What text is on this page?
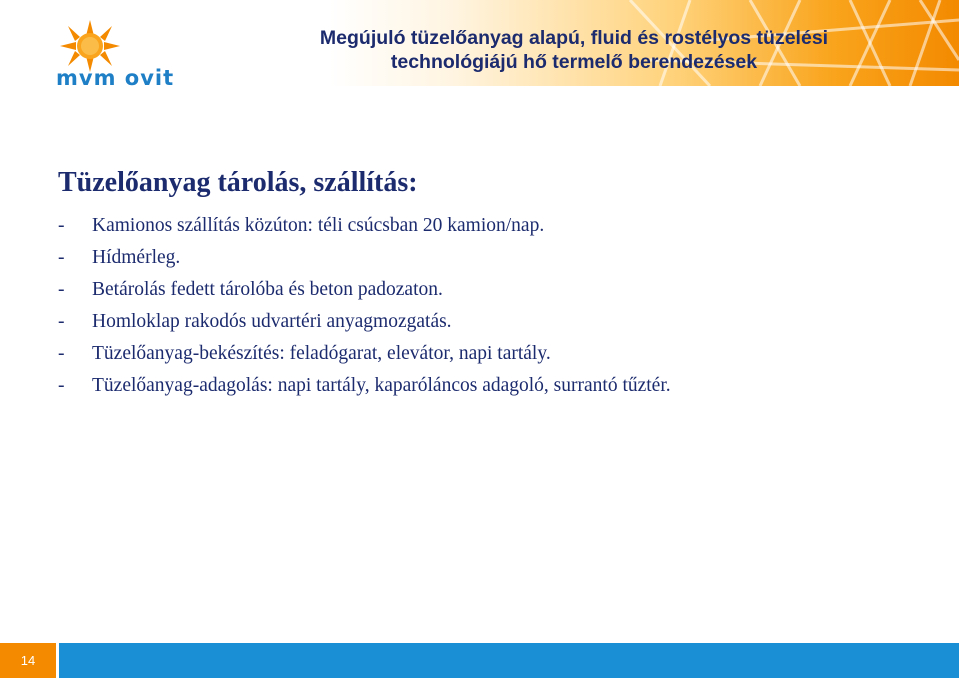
mvm ovit
Megújuló tüzelőanyag alapú, fluid és rostélyos tüzelési
technológiájú hő termelő berendezések
Tüzelőanyag tárolás, szállítás:
-	Kamionos szállítás közúton: téli csúcsban 20 kamion/nap.
-	Hídmérleg.
-	Betárolás fedett tárolóba és beton padozaton.
-	Homloklap rakodós udvartéri anyagmozgatás.
-	Tüzelőanyag-bekészítés: feladógarat, elevátor, napi tartály.
-	Tüzelőanyag-adagolás: napi tartály, kaparóláncos adagoló, surrantó tűztér.
14
